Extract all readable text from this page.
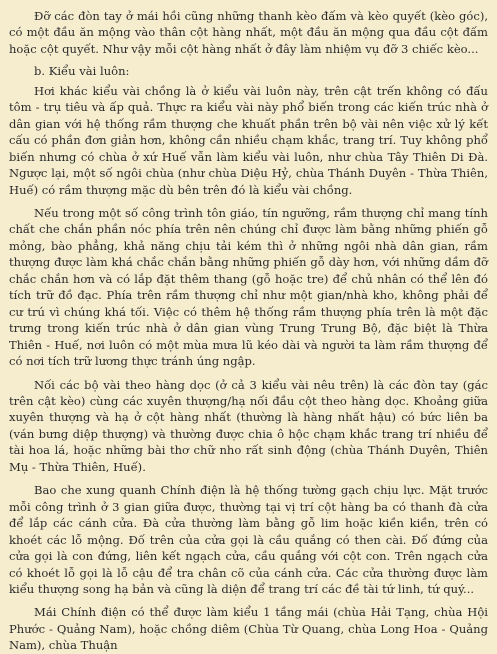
Đỡ các đòn tay ở mái hồi cũng những thanh kèo đấm và kèo quyết (kèo góc), có một đầu ăn mộng vào thân cột hàng nhất, một đầu ăn mộng qua đầu cột đấm hoặc cột quyết. Như vậy mỗi cột hàng nhất ở đây làm nhiệm vụ đỡ 3 chiếc kèo...

b. Kiểu vài luôn:

Hơi khác kiểu vài chồng là ở kiểu vài luôn này, trên cật trến không có đấu tôm - trụ tiêu và ấp quả. Thực ra kiểu vài này phổ biến trong các kiến trúc nhà ở dân gian với hệ thống rầm thượng che khuất phần trên bộ vài nên việc xử lý kết cấu có phần đơn giản hơn, không cần nhiều chạm khắc, trang trí. Tuy không phổ biến nhưng có chùa ở xứ Huế vẫn làm kiểu vài luôn, như chùa Tây Thiên Di Đà. Ngược lại, một số ngôi chùa (như chùa Diệu Hỷ, chùa Thánh Duyên - Thừa Thiên, Huế) có rầm thượng mặc dù bên trên đó là kiểu vài chồng.

Nếu trong một số công trình tôn giáo, tín ngưỡng, rầm thượng chỉ mang tính chất che chắn phần nóc phía trên nên chúng chỉ được làm bằng những phiến gỗ mỏng, bào phẳng, khả năng chịu tải kém thì ở những ngôi nhà dân gian, rầm thượng được làm khá chắc chắn bằng những phiến gỗ dày hơn, với những dầm đỡ chắc chắn hơn và có lắp đặt thêm thang (gỗ hoặc tre) để chủ nhân có thể lên đó tích trữ đồ đạc. Phía trên rầm thượng chỉ như một gian/nhà kho, không phải để cư trú vì chúng khá tối. Việc có thêm hệ thống rầm thượng phía trên là một đặc trưng trong kiến trúc nhà ở dân gian vùng Trung Trung Bộ, đặc biệt là Thừa Thiên - Huế, nơi luôn có một mùa mưa lũ kéo dài và người ta làm rầm thượng để có nơi tích trữ lương thực tránh úng ngập.

Nối các bộ vài theo hàng dọc (ở cả 3 kiểu vài nêu trên) là các đòn tay (gác trên cật kèo) cùng các xuyên thượng/hạ nối đầu cột theo hàng dọc. Khoảng giữa xuyên thượng và hạ ở cột hàng nhất (thường là hàng nhất hậu) có bức liên ba (ván bưng diệp thượng) và thường được chia ô hộc chạm khắc trang trí nhiều để tài hoa lá, hoặc những bài thơ chữ nho rất sinh động (chùa Thánh Duyên, Thiên Mụ - Thừa Thiên, Huế).

Bao che xung quanh Chính điện là hệ thống tường gạch chịu lực. Mặt trước mỗi công trình ở 3 gian giữa được, thường tại vị trí cột hàng ba có thanh đà cửa để lắp các cánh cửa. Đà cửa thường làm bằng gỗ lim hoặc kiền kiền, trên có khoét các lỗ mộng. Đố trên của cửa gọi là cầu quắng có then cài. Đố đứng của cửa gọi là con đứng, liên kết ngạch cửa, cầu quắng với cột con. Trên ngạch cửa có khoét lỗ gọi là lỗ cậu để tra chân cõ của cánh cửa. Các cửa thường được làm kiểu thượng song hạ bản và cũng là diện để trang trí các đề tài tứ linh, tứ quý...

Mái Chính điện có thể được làm kiểu 1 tầng mái (chùa Hải Tạng, chùa Hội Phước - Quảng Nam), hoặc chồng diêm (Chùa Từ Quang, chùa Long Hoa - Quảng Nam), chùa Thuận
